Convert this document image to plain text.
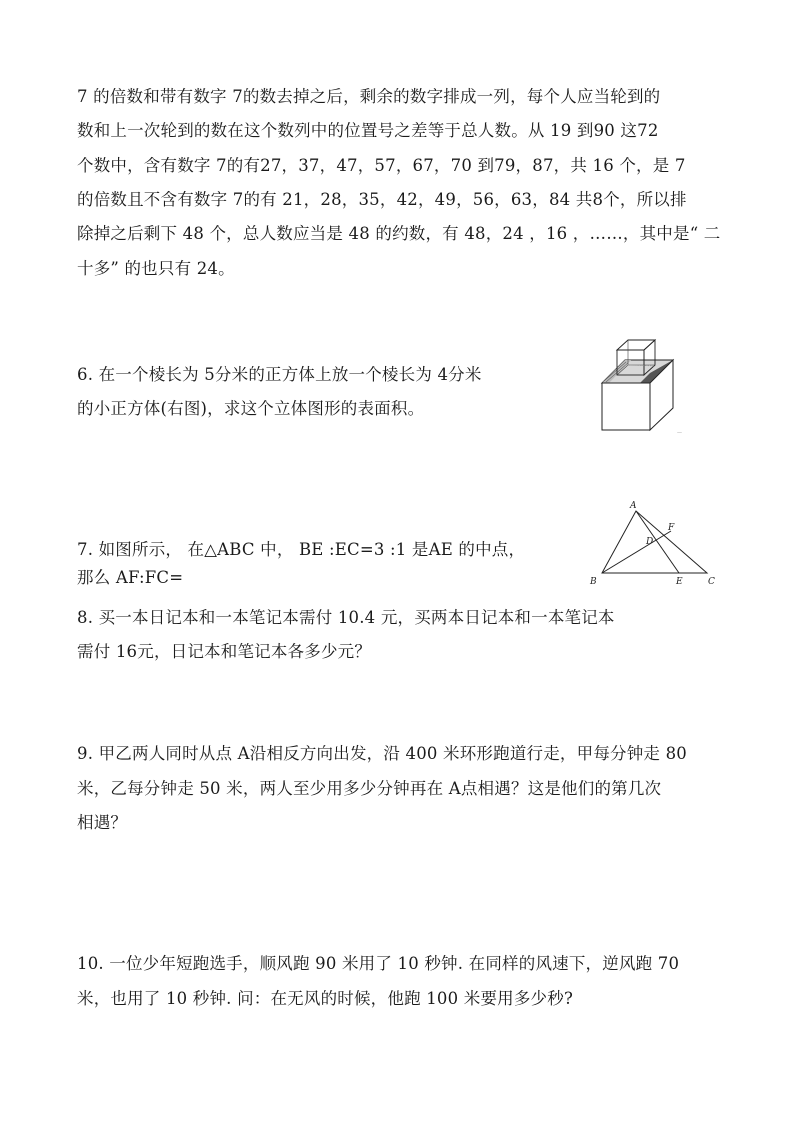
7 的倍数和带有数字 7的数去掉之后，剩余的数字排成一列，每个人应当轮到的
数和上一次轮到的数在这个数列中的位置号之差等于总人数。从 19 到90 这72
个数中，含有数字 7的有27，37，47，57，67，70 到79，87，共 16 个，是 7
的倍数且不含有数字 7的有 21，28，35，42，49，56，63，84 共8个，所以排
除掉之后剩下 48 个，总人数应当是 48 的约数，有 48，24 ，16 ，……，其中是“ 二
十多” 的也只有 24。
6. 在一个棱长为 5分米的正方体上放一个棱长为 4分米
的小正方体(右图)，求这个立体图形的表面积。
—
7. 如图所示， 在△ABC 中， BE :EC=3 :1 是AE 的中点，
那么 AF:FC=
A
B	C
D
E
F
8. 买一本日记本和一本笔记本需付 10.4 元，买两本日记本和一本笔记本
需付 16元，日记本和笔记本各多少元？
9. 甲乙两人同时从点 A沿相反方向出发，沿 400 米环形跑道行走，甲每分钟走 80
米，乙每分钟走 50 米，两人至少用多少分钟再在 A点相遇？这是他们的第几次
相遇？
10. 一位少年短跑选手，顺风跑 90 米用了 10 秒钟. 在同样的风速下，逆风跑 70
米，也用了 10 秒钟. 问：在无风的时候，他跑 100 米要用多少秒?
